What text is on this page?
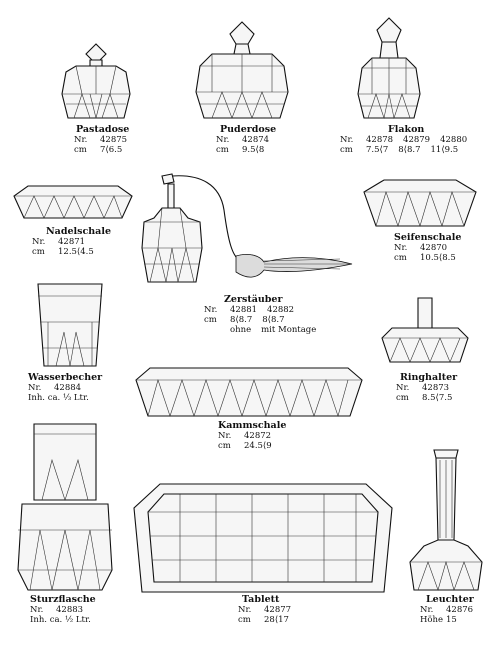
Pastadose
Nr. 42875
cm 7⟨6.5
Puderdose
Nr. 42874
cm 9.5⟨8
Flakon
Nr. 42878 42879 42880
cm 7.5⟨7 8⟨8.7 11⟨9.5
Nadelschale
Nr. 42871
cm 12.5⟨4.5
Seifenschale
Nr. 42870
cm 10.5⟨8.5
Zerstäuber
Nr. 42881 42882
cm 8⟨8.7 8⟨8.7
ohne mit Montage
Wasserbecher
Nr. 42884
Inh. ca. ⅓ Ltr.
Ringhalter
Nr. 42873
cm 8.5⟨7.5
Kammschale
Nr. 42872
cm 24.5⟨9
Sturzflasche
Nr. 42883
Inh. ca. ½ Ltr.
Tablett
Nr. 42877
cm 28⟨17
Leuchter
Nr. 42876
Höhe 15
